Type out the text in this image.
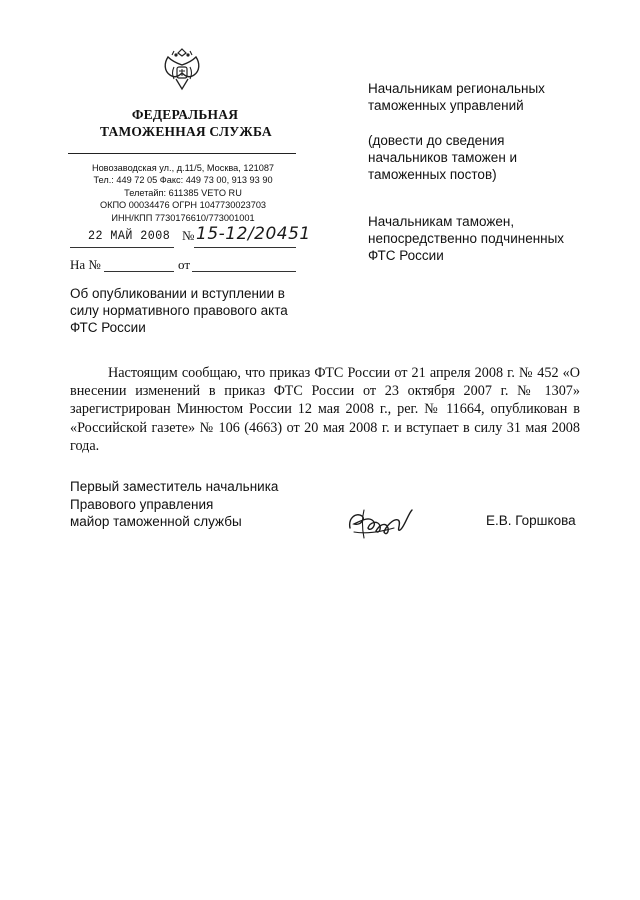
ФЕДЕРАЛЬНАЯ
ТАМОЖЕННАЯ СЛУЖБА
Новозаводская ул., д.11/5, Москва, 121087
Тел.: 449 72 05 Факс: 449 73 00, 913 93 90
Телетайп: 611385 VETO RU
ОКПО 00034476 ОГРН 1047730023703
ИНН/КПП 7730176610/773001001
22 МАЙ 2008 № 15-12/20451
На №	от
Об опубликовании и вступлении в
силу нормативного правового акта
ФТС России
Начальникам региональных
таможенных управлений
(довести до сведения
начальников таможен и
таможенных постов)
Начальникам таможен,
непосредственно подчиненных
ФТС России
Настоящим сообщаю, что приказ ФТС России от 21 апреля 2008 г. № 452 «О внесении изменений в приказ ФТС России от 23 октября 2007 г. № 1307» зарегистрирован Минюстом России 12 мая 2008 г., рег. № 11664, опубликован в «Российской газете» № 106 (4663) от 20 мая 2008 г. и вступает в силу 31 мая 2008 года.
Первый заместитель начальника
Правового управления
майор таможенной службы	Е.В. Горшкова
